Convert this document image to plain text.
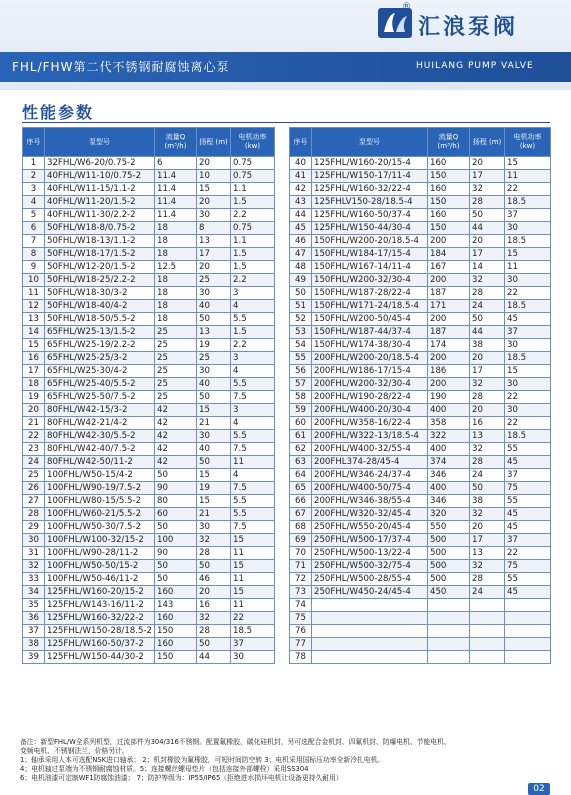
FHL/FHW第二代不锈钢耐腐蚀离心泵
®
汇浪泵阀
HUILANG PUMP VALVE
性能参数
序号	泵型号	流量Q (m³/h)	扬程 (m)	电机功率 (kw)
1	32FHL/W6-20/0.75-2	6	20	0.75
2	40FHL/W11-10/0.75-2	11.4	10	0.75
3	40FHL/W11-15/1.1-2	11.4	15	1.1
4	40FHL/W11-20/1.5-2	11.4	20	1.5
5	40FHL/W11-30/2.2-2	11.4	30	2.2
6	50FHL/W18-8/0.75-2	18	8	0.75
7	50FHL/W18-13/1.1-2	18	13	1.1
8	50FHL/W18-17/1.5-2	18	17	1.5
9	50FHL/W12-20/1.5-2	12.5	20	1.5
10	50FHL/W18-25/2.2-2	18	25	2.2
11	50FHL/W18-30/3-2	18	30	3
12	50FHL/W18-40/4-2	18	40	4
13	50FHL/W18-50/5.5-2	18	50	5.5
14	65FHL/W25-13/1.5-2	25	13	1.5
15	65FHL/W25-19/2.2-2	25	19	2.2
16	65FHL/W25-25/3-2	25	25	3
17	65FHL/W25-30/4-2	25	30	4
18	65FHL/W25-40/5.5-2	25	40	5.5
19	65FHL/W25-50/7.5-2	25	50	7.5
20	80FHL/W42-15/3-2	42	15	3
21	80FHL/W42-21/4-2	42	21	4
22	80FHL/W42-30/5.5-2	42	30	5.5
23	80FHL/W42-40/7.5-2	42	40	7.5
24	80FHL/W42-50/11-2	42	50	11
25	100FHL/W50-15/4-2	50	15	4
26	100FHL/W90-19/7.5-2	90	19	7.5
27	100FHL/W80-15/5.5-2	80	15	5.5
28	100FHL/W60-21/5.5-2	60	21	5.5
29	100FHL/W50-30/7.5-2	50	30	7.5
30	100FHL/W100-32/15-2	100	32	15
31	100FHL/W90-28/11-2	90	28	11
32	100FHL/W50-50/15-2	50	50	15
33	100FHL/W50-46/11-2	50	46	11
34	125FHL/W160-20/15-2	160	20	15
35	125FHL/W143-16/11-2	143	16	11
36	125FHL/W160-32/22-2	160	32	22
37	125FHL/W150-28/18.5-2	150	28	18.5
38	125FHL/W160-50/37-2	160	50	37
39	125FHL/W150-44/30-2	150	44	30
序号	泵型号	流量Q (m³/h)	扬程 (m)	电机功率 (kw)
40	125FHL/W160-20/15-4	160	20	15
41	125FHL/W150-17/11-4	150	17	11
42	125FHL/W160-32/22-4	160	32	22
43	125FHLV150-28/18.5-4	150	28	18.5
44	125FHL/W160-50/37-4	160	50	37
45	125FHL/W150-44/30-4	150	44	30
46	150FHL/W200-20/18.5-4	200	20	18.5
47	150FHL/W184-17/15-4	184	17	15
48	150FHL/W167-14/11-4	167	14	11
49	150FHL/W200-32/30-4	200	32	30
50	150FHL/W187-28/22-4	187	28	22
51	150FHL/W171-24/18.5-4	171	24	18.5
52	150FHL/W200-50/45-4	200	50	45
53	150FHL/W187-44/37-4	187	44	37
54	150FHL/W174-38/30-4	174	38	30
55	200FHL/W200-20/18.5-4	200	20	18.5
56	200FHL/W186-17/15-4	186	17	15
57	200FHL/W200-32/30-4	200	32	30
58	200FHL/W190-28/22-4	190	28	22
59	200FHL/W400-20/30-4	400	20	30
60	200FHL/W358-16/22-4	358	16	22
61	200FHL/W322-13/18.5-4	322	13	18.5
62	200FHL/W400-32/55-4	400	32	55
63	200FHL374-28/45-4	374	28	45
64	200FHL/W346-24/37-4	346	24	37
65	200FHL/W400-50/75-4	400	50	75
66	200FHL/W346-38/55-4	346	38	55
67	200FHL/W320-32/45-4	320	32	45
68	250FHL/W550-20/45-4	550	20	45
69	250FHL/W500-17/37-4	500	17	37
70	250FHL/W500-13/22-4	500	13	22
71	250FHL/W500-32/75-4	500	32	75
72	250FHL/W500-28/55-4	500	28	55
73	250FHL/W450-24/45-4	450	24	45
74				
75				
76				
77				
78				
备注：新型FHL/W全系列机型，过流部件为304/316不锈钢。配置氟橡胶，碳化硅机封，另可选配合金机封、四氟机封、防爆电机、节能电机、
变频电机、不锈钢法兰，价格另计。
1；轴承采用人本可选配NSK进口轴承； 2；机封橡胶为氟橡胶，可短时间防空转 3；电机采用国标压功率全新冷扎电机。
4；电机轴过泵端为不锈钢耐腐蚀材质。5；连接螺丝螺母垫片（包括连接外部螺栓）采用SS304
6；电机油漆可定制WF1防腐蚀油漆； 7；防护等级为：IP55/IP65（拒绝进水损坏电机让设备更持久耐用）
02
